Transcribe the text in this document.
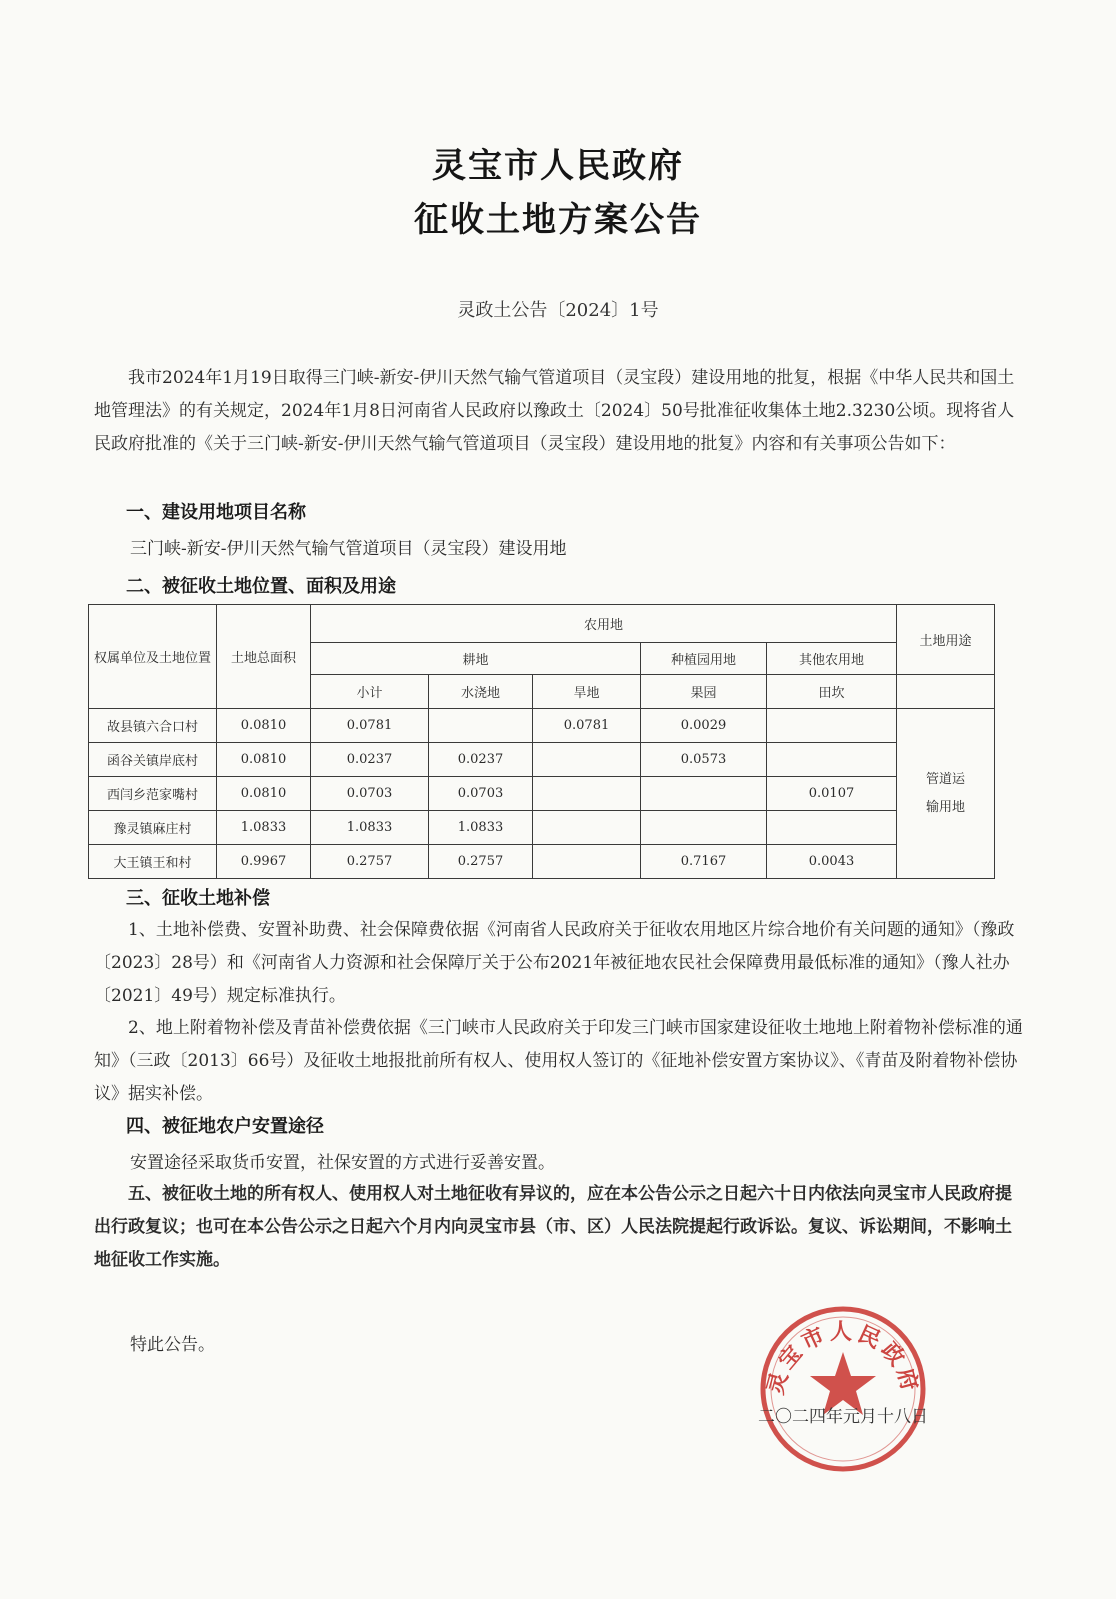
灵宝市人民政府
征收土地方案公告
灵政土公告〔2024〕1号

我市2024年1月19日取得三门峡-新安-伊川天然气输气管道项目（灵宝段）建设用地的批复，根据《中华人民共和国土地管理法》的有关规定，2024年1月8日河南省人民政府以豫政土〔2024〕50号批准征收集体土地2.3230公顷。现将省人民政府批准的《关于三门峡-新安-伊川天然气输气管道项目（灵宝段）建设用地的批复》内容和有关事项公告如下：

一、建设用地项目名称

三门峡-新安-伊川天然气输气管道项目（灵宝段）建设用地

二、被征收土地位置、面积及用途

权属单位及土地位置	土地总面积	农用地					土地用途
		耕地			种植园用地	其他农用地	
		小计	水浇地	旱地	果园	田坎	
故县镇六合口村	0.0810	0.0781		0.0781	0.0029		管道运输用地

函谷关镇岸底村	0.0810	0.0237	0.0237		0.0573		
西闫乡范家嘴村	0.0810	0.0703	0.0703			0.0107	
豫灵镇麻庄村	1.0833	1.0833	1.0833				
大王镇王和村	0.9967	0.2757	0.2757		0.7167	0.0043	

三、征收土地补偿

1、土地补偿费、安置补助费、社会保障费依据《河南省人民政府关于征收农用地区片综合地价有关问题的通知》（豫政〔2023〕28号）和《河南省人力资源和社会保障厅关于公布2021年被征地农民社会保障费用最低标准的通知》（豫人社办〔2021〕49号）规定标准执行。

2、地上附着物补偿及青苗补偿费依据《三门峡市人民政府关于印发三门峡市国家建设征收土地地上附着物补偿标准的通知》（三政〔2013〕66号）及征收土地报批前所有权人、使用权人签订的《征地补偿安置方案协议》、《青苗及附着物补偿协议》据实补偿。

四、被征地农户安置途径

安置途径采取货币安置，社保安置的方式进行妥善安置。

五、被征收土地的所有权人、使用权人对土地征收有异议的，应在本公告公示之日起六十日内依法向灵宝市人民政府提出行政复议；也可在本公告公示之日起六个月内向灵宝市县（市、区）人民法院提起行政诉讼。复议、诉讼期间，不影响土地征收工作实施。

特此公告。

灵宝市人民政府
二〇二四年元月十八日
